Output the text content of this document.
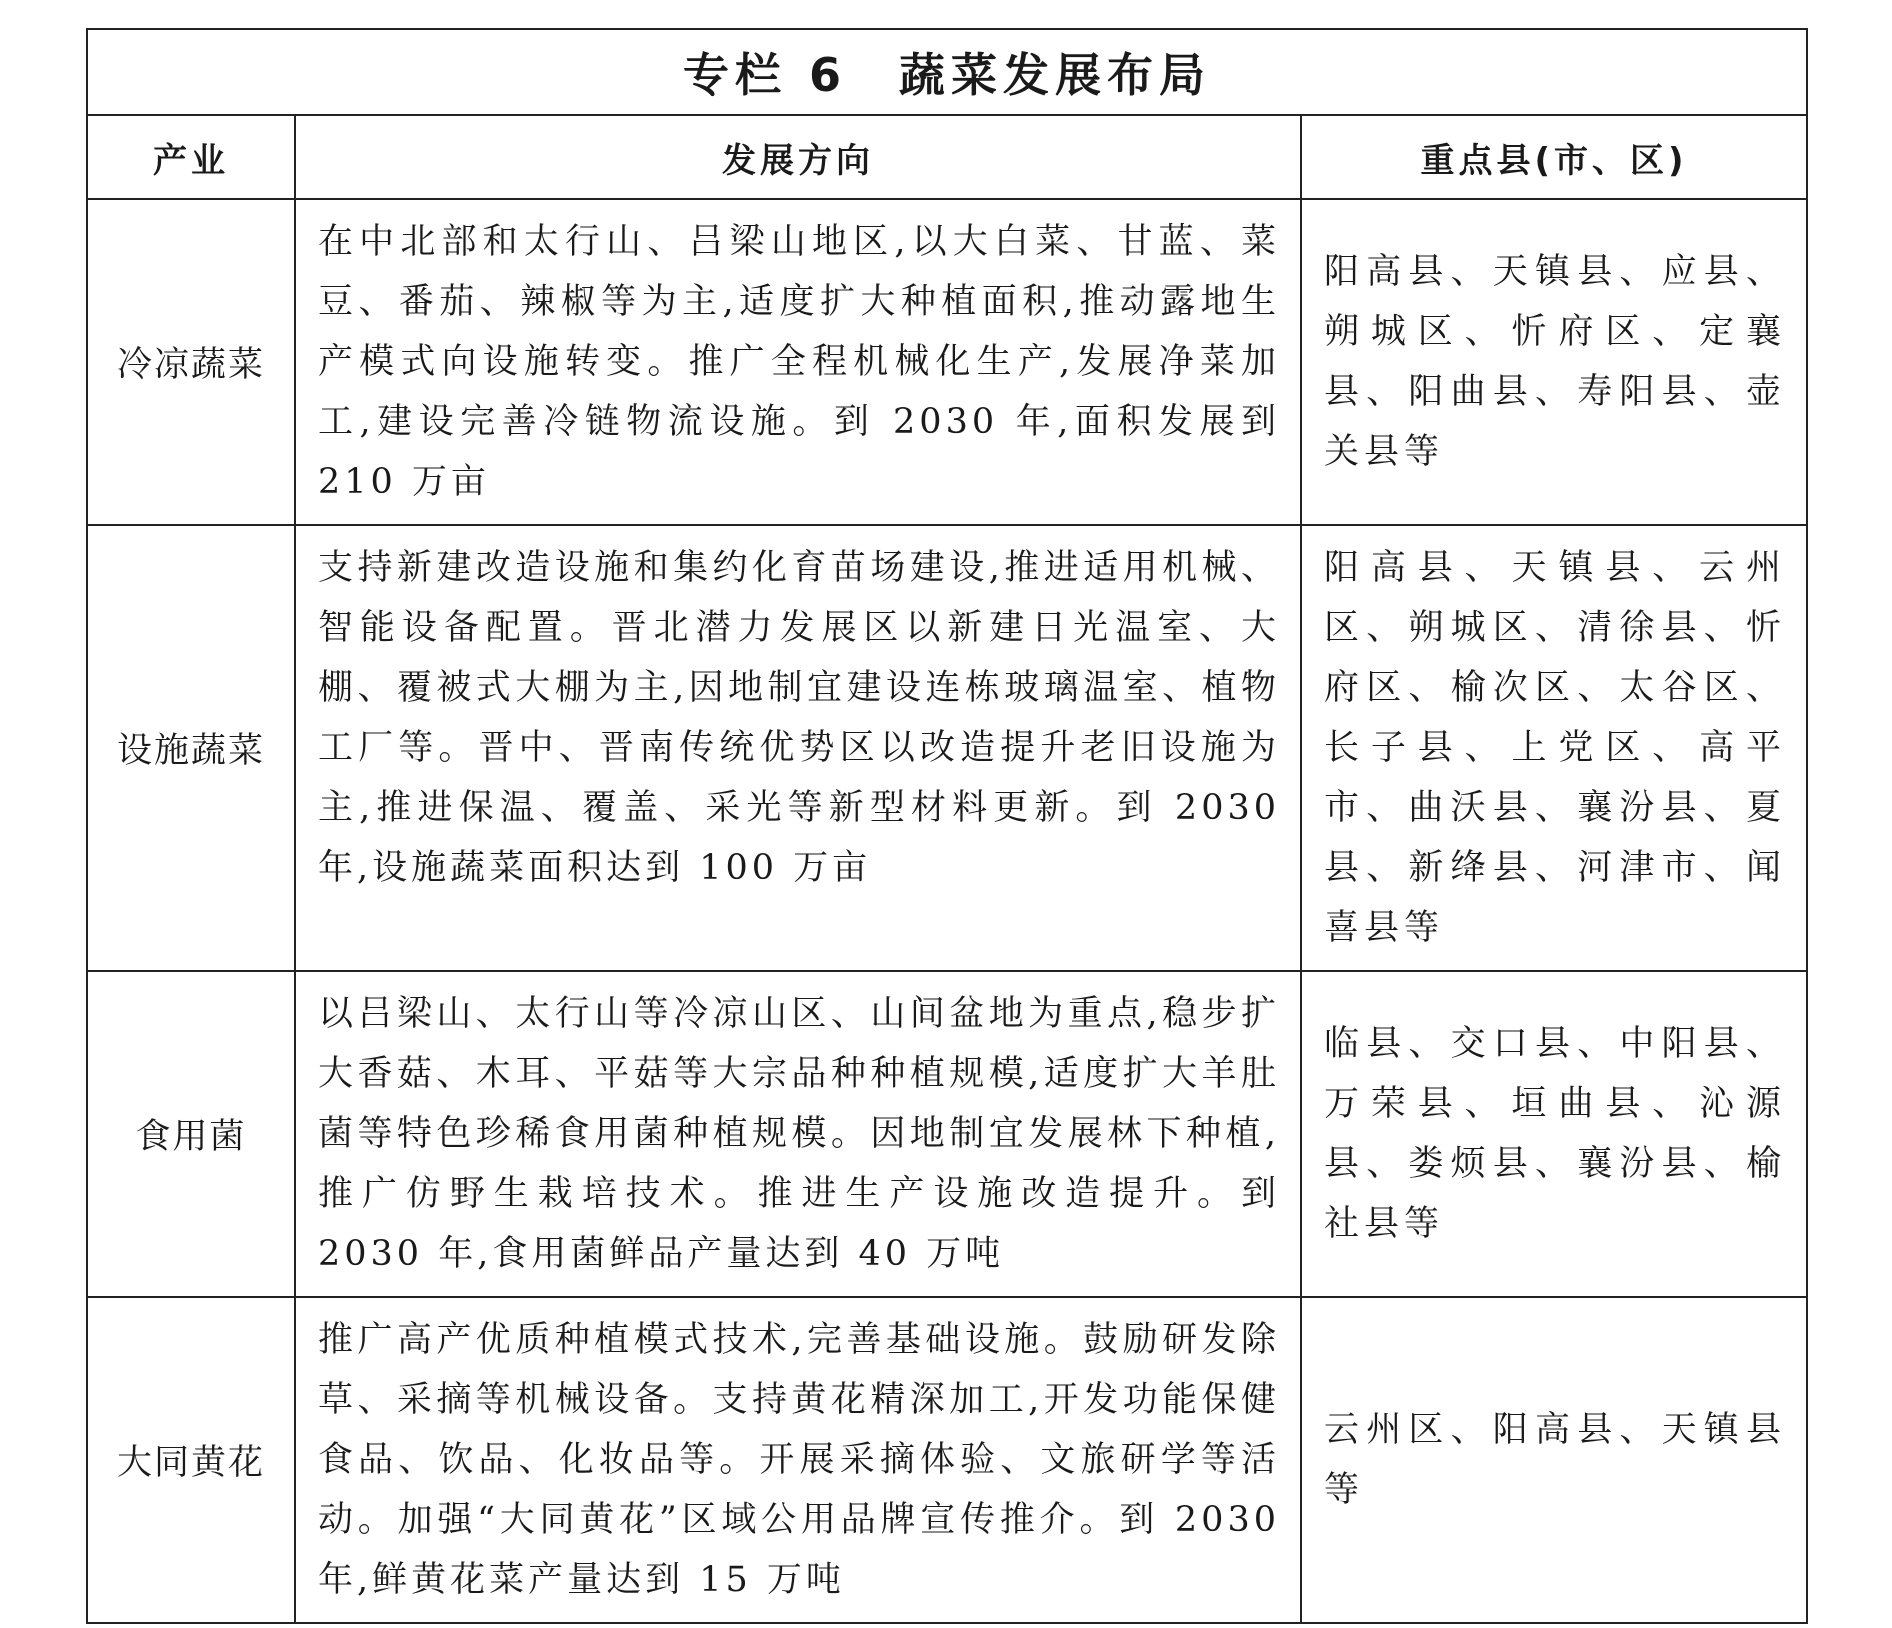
专栏 6　蔬菜发展布局		
产业	发展方向	重点县(市、区)
冷凉蔬菜	在中北部和太行山、吕梁山地区,以大白菜、甘蓝、菜豆、番茄、辣椒等为主,适度扩大种植面积,推动露地生产模式向设施转变。推广全程机械化生产,发展净菜加工,建设完善冷链物流设施。到 2030 年,面积发展到 210 万亩	阳高县、天镇县、应县、朔城区、忻府区、定襄县、阳曲县、寿阳县、壶关县等
设施蔬菜	支持新建改造设施和集约化育苗场建设,推进适用机械、智能设备配置。晋北潜力发展区以新建日光温室、大棚、覆被式大棚为主,因地制宜建设连栋玻璃温室、植物工厂等。晋中、晋南传统优势区以改造提升老旧设施为主,推进保温、覆盖、采光等新型材料更新。到 2030 年,设施蔬菜面积达到 100 万亩	阳高县、天镇县、云州区、朔城区、清徐县、忻府区、榆次区、太谷区、长子县、上党区、高平市、曲沃县、襄汾县、夏县、新绛县、河津市、闻喜县等
食用菌	以吕梁山、太行山等冷凉山区、山间盆地为重点,稳步扩大香菇、木耳、平菇等大宗品种种植规模,适度扩大羊肚菌等特色珍稀食用菌种植规模。因地制宜发展林下种植,推广仿野生栽培技术。推进生产设施改造提升。到 2030 年,食用菌鲜品产量达到 40 万吨	临县、交口县、中阳县、万荣县、垣曲县、沁源县、娄烦县、襄汾县、榆社县等
大同黄花	推广高产优质种植模式技术,完善基础设施。鼓励研发除草、采摘等机械设备。支持黄花精深加工,开发功能保健食品、饮品、化妆品等。开展采摘体验、文旅研学等活动。加强“大同黄花”区域公用品牌宣传推介。到 2030 年,鲜黄花菜产量达到 15 万吨	云州区、阳高县、天镇县等
